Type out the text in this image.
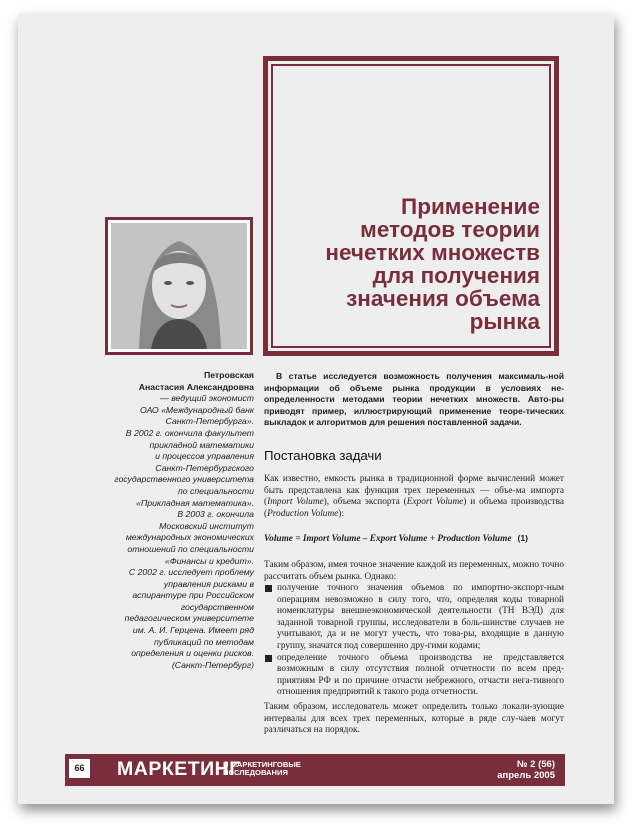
Применение
методов теории
нечетких множеств
для получения
значения объема
рынка
Петровская
Анастасия Александровна
— ведущий экономист
ОАО «Международный банк
Санкт-Петербурга».
В 2002 г. окончила факультет
прикладной математики
и процессов управления
Санкт-Петербургского
государственного университета
по специальности
«Прикладная математика».
В 2003 г. окончила
Московский институт
международных экономических
отношений по специальности
«Финансы и кредит».
С 2002 г. исследует проблему
управления рисками в
аспирантуре при Российском
государственном
педагогическом университете
им. А. И. Герцена. Имеет ряд
публикаций по методам
определения и оценки рисков.
(Санкт-Петербург)
В статье исследуется возможность получения максималь-ной информации об объеме рынка продукции в условиях не-определенности методами теории нечетких множеств. Авто-ры приводят пример, иллюстрирующий применение теоре-тических выкладок и алгоритмов для решения поставленной задачи.
Постановка задачи
Как известно, емкость рынка в традиционной форме вычислений может быть представлена как функция трех переменных — объе-ма импорта (Import Volume), объема экспорта (Export Volume) и объема производства (Production Volume):
Volume = Import Volume – Export Volume + Production Volume (1)
Таким образом, имея точное значение каждой из переменных, можно точно рассчитать объем рынка. Однако:
получение точного значения объемов по импортно-экспорт-ным операциям невозможно в силу того, что, определяя коды товарной номенклатуры внешнеэкономической деятельности (ТН ВЭД) для заданной товарной группы, исследователи в боль-шинстве случаев не учитывают, да и не могут учесть, что това-ры, входящие в данную группу, значатся под совершенно дру-гими кодами;
определение точного объема производства не представляется возможным в силу отсутствия полной отчетности по всем пред-приятиям РФ и по причине отчасти небрежного, отчасти нега-тивного отношения предприятий к такого рода отчетности.
Таким образом, исследователь может определить только локали-зующие интервалы для всех трех переменных, которые в ряде слу-чаев могут различаться на порядок.
66 МАРКЕТИНГ
И МАРКЕТИНГОВЫЕ
ИССЛЕДОВАНИЯ
№ 2 (56)
апрель 2005
